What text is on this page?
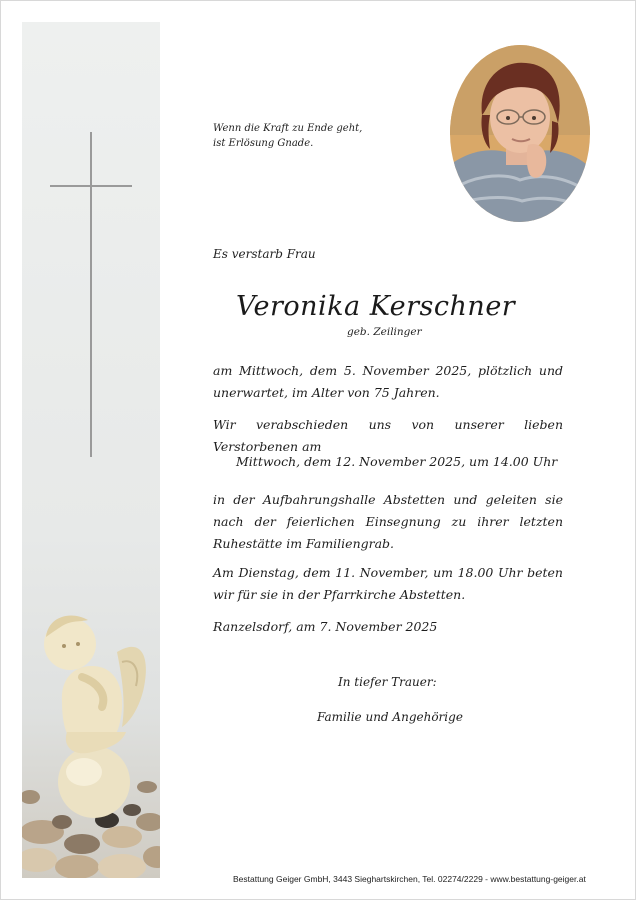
Wenn die Kraft zu Ende geht,
ist Erlösung Gnade.
Es verstarb Frau
Veronika Kerschner
geb. Zeilinger
am Mittwoch, dem 5. November 2025, plötzlich und unerwartet, im Alter von 75 Jahren.
Wir verabschieden uns von unserer lieben Verstorbenen am
Mittwoch, dem 12. November 2025, um 14.00 Uhr
in der Aufbahrungshalle Abstetten und geleiten sie nach der feierlichen Einsegnung zu ihrer letzten Ruhestätte im Familiengrab.
Am Dienstag, dem 11. November, um 18.00 Uhr beten wir für sie in der Pfarrkirche Abstetten.
Ranzelsdorf, am 7. November 2025
In tiefer Trauer:
Familie und Angehörige
Bestattung Geiger GmbH, 3443 Sieghartskirchen, Tel. 02274/2229 - www.bestattung-geiger.at
